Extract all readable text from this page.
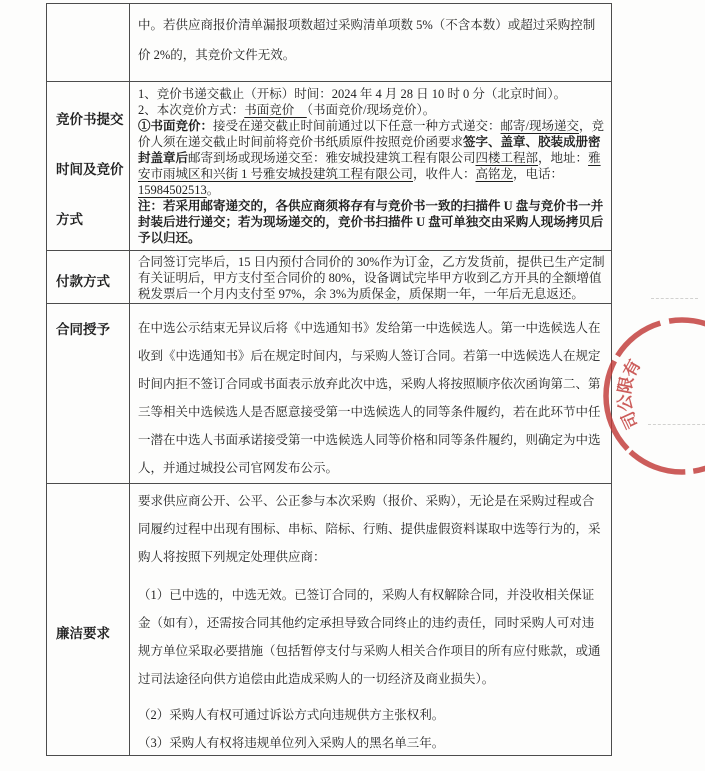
中。若供应商报价清单漏报项数超过采购清单项数 5%（不含本数）或超过采购控制
价 2%的，其竞价文件无效。
竞价书提交
时间及竞价
方式
1、竞价书递交截止（开标）时间：2024 年 4 月 28 日 10 时 0 分（北京时间）。
2、本次竞价方式：书面竞价　（书面竞价/现场竞价）。
①书面竞价：接受在递交截止时间前通过以下任意一种方式递交：邮寄/现场递交，竞
价人须在递交截止时间前将竞价书纸质原件按照竞价函要求签字、盖章、胶装成册密
封盖章后邮寄到场或现场递交至：雅安城投建筑工程有限公司四楼工程部，地址：雅
安市雨城区和兴街 1 号雅安城投建筑工程有限公司，收件人：高铭龙，电话：
15984502513。
注：若采用邮寄递交的，各供应商须将存有与竞价书一致的扫描件 U 盘与竞价书一并
封装后进行递交；若为现场递交的，竞价书扫描件 U 盘可单独交由采购人现场拷贝后
予以归还。
付款方式
合同签订完毕后，15 日内预付合同价的 30%作为订金，乙方发货前，提供已生产定制
有关证明后，甲方支付至合同价的 80%，设备调试完毕甲方收到乙方开具的全额增值
税发票后一个月内支付至 97%，余 3%为质保金，质保期一年，一年后无息返还。
合同授予	在中选公示结束无异议后将《中选通知书》发给第一中选候选人。第一中选候选人在
收到《中选通知书》后在规定时间内，与采购人签订合同。若第一中选候选人在规定
时间内拒不签订合同或书面表示放弃此次中选，采购人将按照顺序依次函询第二、第
三等相关中选候选人是否愿意接受第一中选候选人的同等条件履约，若在此环节中任
一潜在中选人书面承诺接受第一中选候选人同等价格和同等条件履约，则确定为中选
人，并通过城投公司官网发布公示。
廉洁要求
要求供应商公开、公平、公正参与本次采购（报价、采购），无论是在采购过程或合
同履约过程中出现有围标、串标、陪标、行贿、提供虚假资料谋取中选等行为的，采
购人将按照下列规定处理供应商：
（1）已中选的，中选无效。已签订合同的，采购人有权解除合同，并没收相关保证
金（如有），还需按合同其他约定承担导致合同终止的违约责任，同时采购人可对违
规方单位采取必要措施（包括暂停支付与采购人相关合作项目的所有应付账款，或通
过司法途径向供方追偿由此造成采购人的一切经济及商业损失）。
（2）采购人有权可通过诉讼方式向违规供方主张权利。
（3）采购人有权将违规单位列入采购人的黑名单三年。
有
限
公
司
